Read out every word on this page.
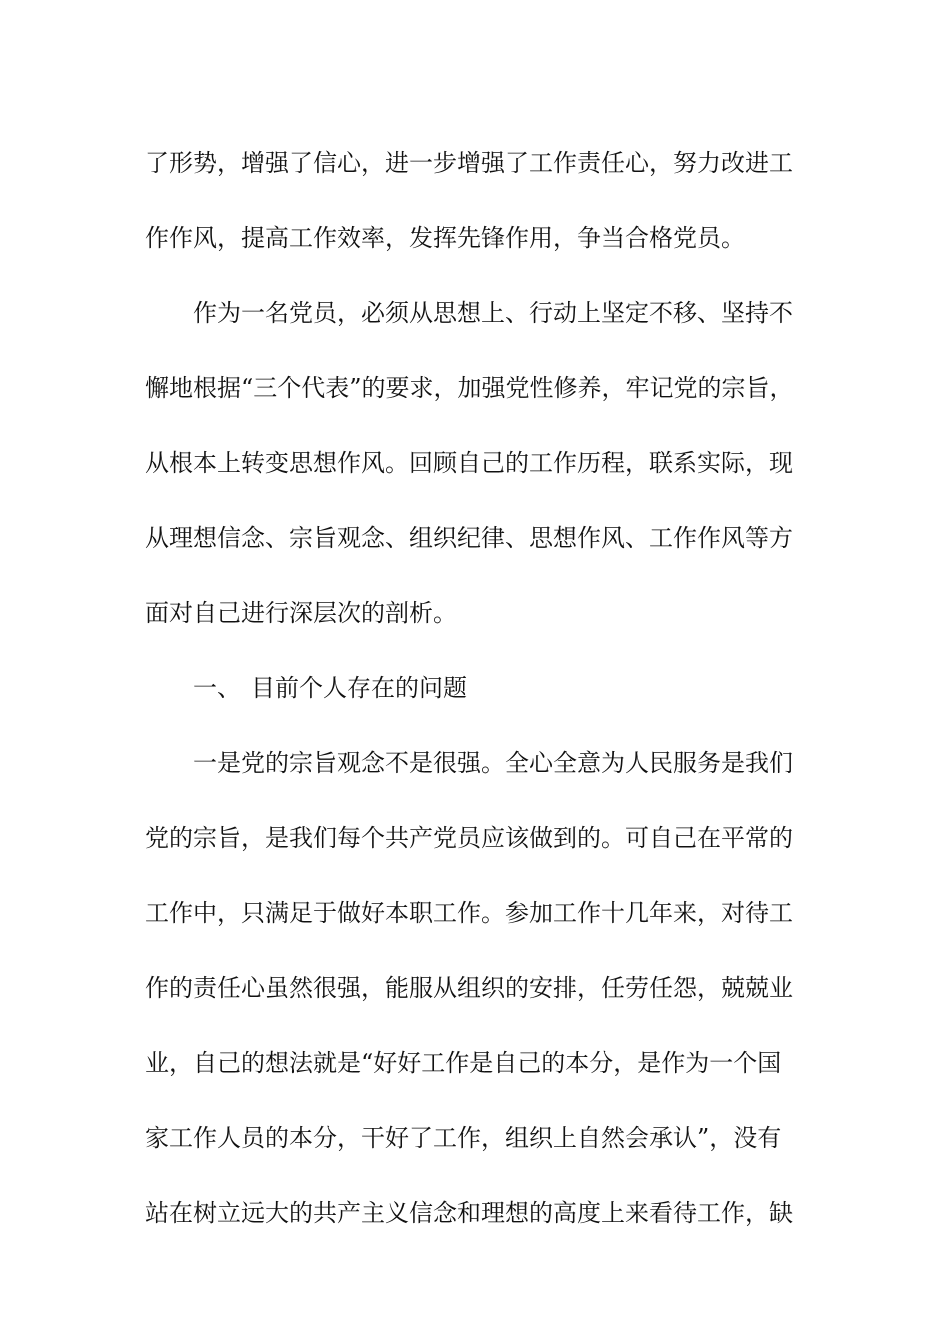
了形势，增强了信心，进一步增强了工作责任心，努力改进工
作作风，提高工作效率，发挥先锋作用，争当合格党员。
作为一名党员，必须从思想上、行动上坚定不移、坚持不
懈地根据“三个代表”的要求，加强党性修养，牢记党的宗旨，
从根本上转变思想作风。回顾自己的工作历程，联系实际，现
从理想信念、宗旨观念、组织纪律、思想作风、工作作风等方
面对自己进行深层次的剖析。
一、 目前个人存在的问题
一是党的宗旨观念不是很强。全心全意为人民服务是我们
党的宗旨，是我们每个共产党员应该做到的。可自己在平常的
工作中，只满足于做好本职工作。参加工作十几年来，对待工
作的责任心虽然很强，能服从组织的安排，任劳任怨，兢兢业
业，自己的想法就是“好好工作是自己的本分，是作为一个国
家工作人员的本分，干好了工作，组织上自然会承认”，没有
站在树立远大的共产主义信念和理想的高度上来看待工作，缺
